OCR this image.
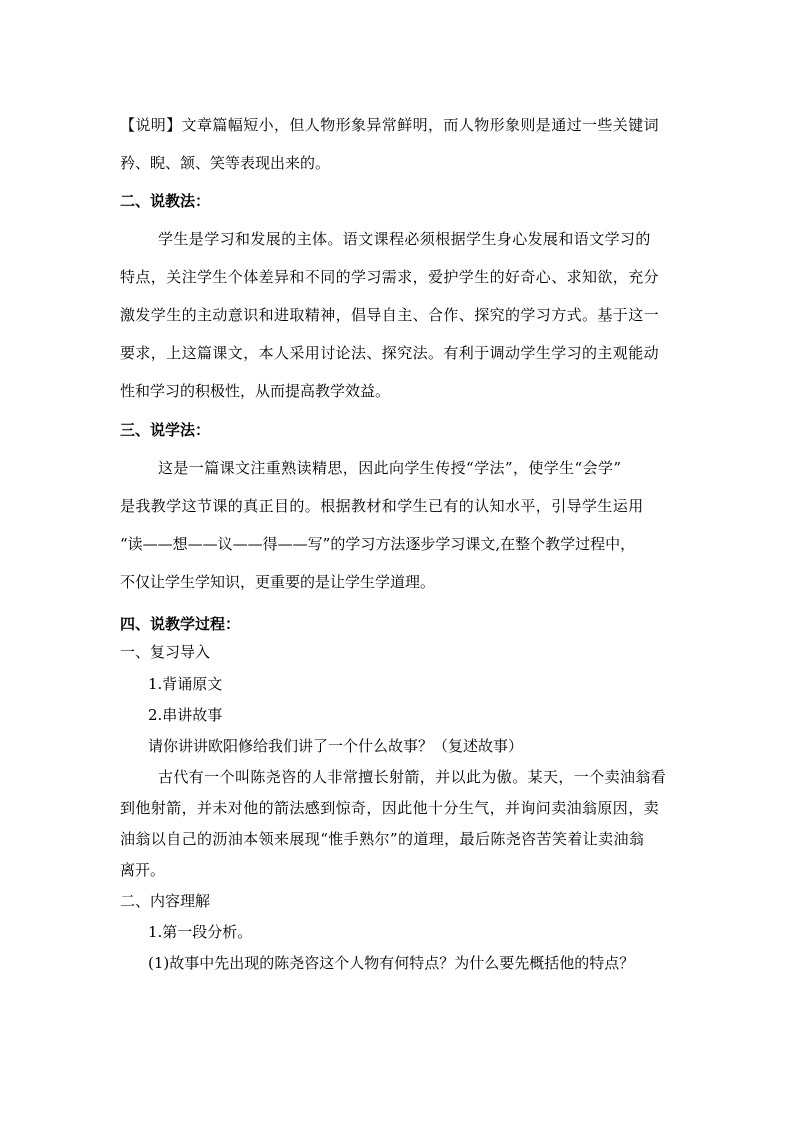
【说明】文章篇幅短小，但人物形象异常鲜明，而人物形象则是通过一些关键词
矜、睨、颔、笑等表现出来的。
二、说教法：
学生是学习和发展的主体。语文课程必须根据学生身心发展和语文学习的
特点，关注学生个体差异和不同的学习需求，爱护学生的好奇心、求知欲，充分
激发学生的主动意识和进取精神，倡导自主、合作、探究的学习方式。基于这一
要求，上这篇课文，本人采用讨论法、探究法。有利于调动学生学习的主观能动
性和学习的积极性，从而提高教学效益。
三、说学法：
这是一篇课文注重熟读精思，因此向学生传授“学法”，使学生“会学”
是我教学这节课的真正目的。根据教材和学生已有的认知水平，引导学生运用
“读——想——议——得——写”的学习方法逐步学习课文,在整个教学过程中，
不仅让学生学知识，更重要的是让学生学道理。
四、说教学过程：
一、复习导入
1.背诵原文
2.串讲故事
请你讲讲欧阳修给我们讲了一个什么故事？（复述故事）
古代有一个叫陈尧咨的人非常擅长射箭，并以此为傲。某天，一个卖油翁看
到他射箭，并未对他的箭法感到惊奇，因此他十分生气，并询问卖油翁原因，卖
油翁以自己的沥油本领来展现“惟手熟尔”的道理，最后陈尧咨苦笑着让卖油翁
离开。
二、内容理解
1.第一段分析。
(1)故事中先出现的陈尧咨这个人物有何特点？为什么要先概括他的特点？
